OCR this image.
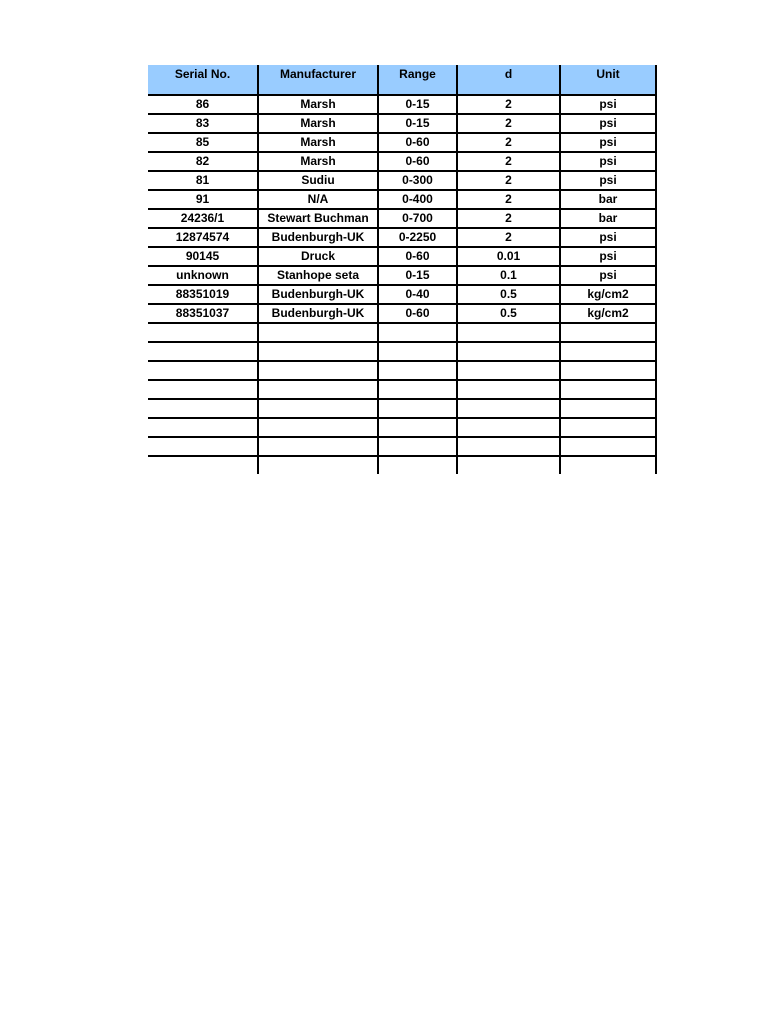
Serial No.	Manufacturer	Range	d	Unit
86	Marsh	0-15	2	psi
83	Marsh	0-15	2	psi
85	Marsh	0-60	2	psi
82	Marsh	0-60	2	psi
81	Sudiu	0-300	2	psi
91	N/A	0-400	2	bar
24236/1	Stewart Buchman	0-700	2	bar
12874574	Budenburgh-UK	0-2250	2	psi
90145	Druck	0-60	0.01	psi
unknown	Stanhope seta	0-15	0.1	psi
88351019	Budenburgh-UK	0-40	0.5	kg/cm2
88351037	Budenburgh-UK	0-60	0.5	kg/cm2
